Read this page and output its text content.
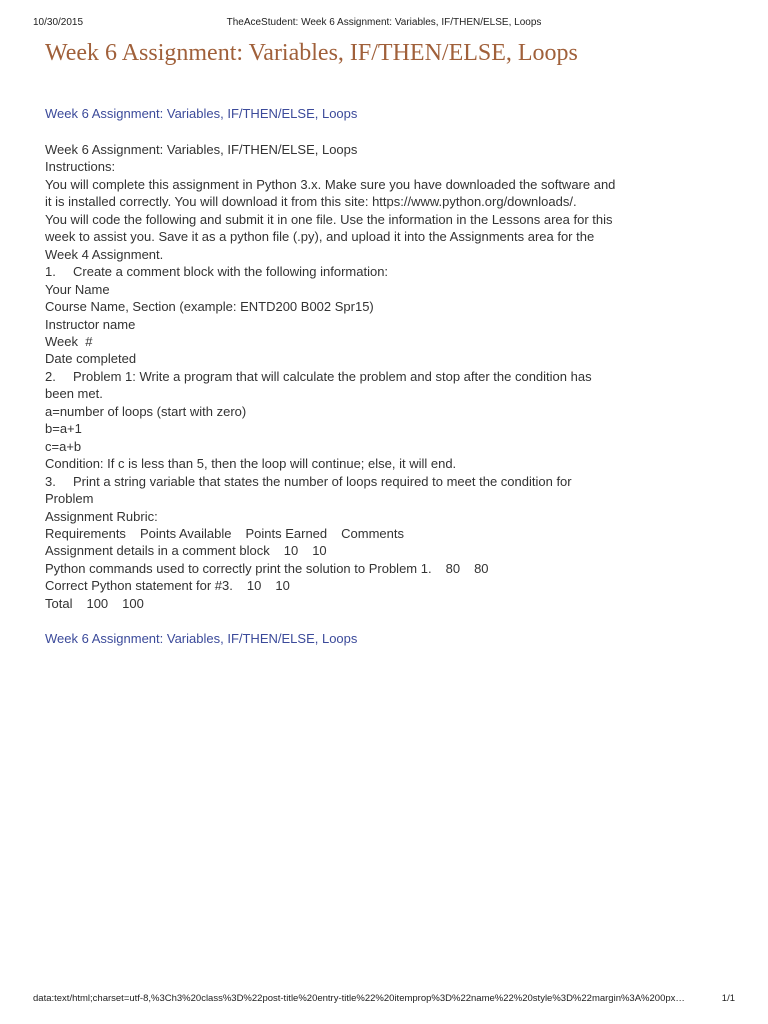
10/30/2015	TheAceStudent: Week 6 Assignment: Variables, IF/THEN/ELSE, Loops
Week 6 Assignment: Variables, IF/THEN/ELSE, Loops
Week 6 Assignment: Variables, IF/THEN/ELSE, Loops
Week 6 Assignment: Variables, IF/THEN/ELSE, Loops
Instructions:
You will complete this assignment in Python 3.x. Make sure you have downloaded the software and
it is installed correctly. You will download it from this site: https://www.python.org/downloads/.
You will code the following and submit it in one file. Use the information in the Lessons area for this
week to assist you. Save it as a python file (.py), and upload it into the Assignments area for the
Week 4 Assignment.
1. Create a comment block with the following information:
Your Name
Course Name, Section (example: ENTD200 B002 Spr15)
Instructor name
Week  #
Date completed
2. Problem 1: Write a program that will calculate the problem and stop after the condition has
been met.
a=number of loops (start with zero)
b=a+1
c=a+b
Condition: If c is less than 5, then the loop will continue; else, it will end.
3. Print a string variable that states the number of loops required to meet the condition for
Problem
Assignment Rubric:
Requirements Points Available Points Earned Comments
Assignment details in a comment block 10 10
Python commands used to correctly print the solution to Problem 1. 80 80
Correct Python statement for #3. 10 10
Total 100 100
Week 6 Assignment: Variables, IF/THEN/ELSE, Loops
data:text/html;charset=utf-8,%3Ch3%20class%3D%22post-title%20entry-title%22%20itemprop%3D%22name%22%20style%3D%22margin%3A%200px…	1/1
